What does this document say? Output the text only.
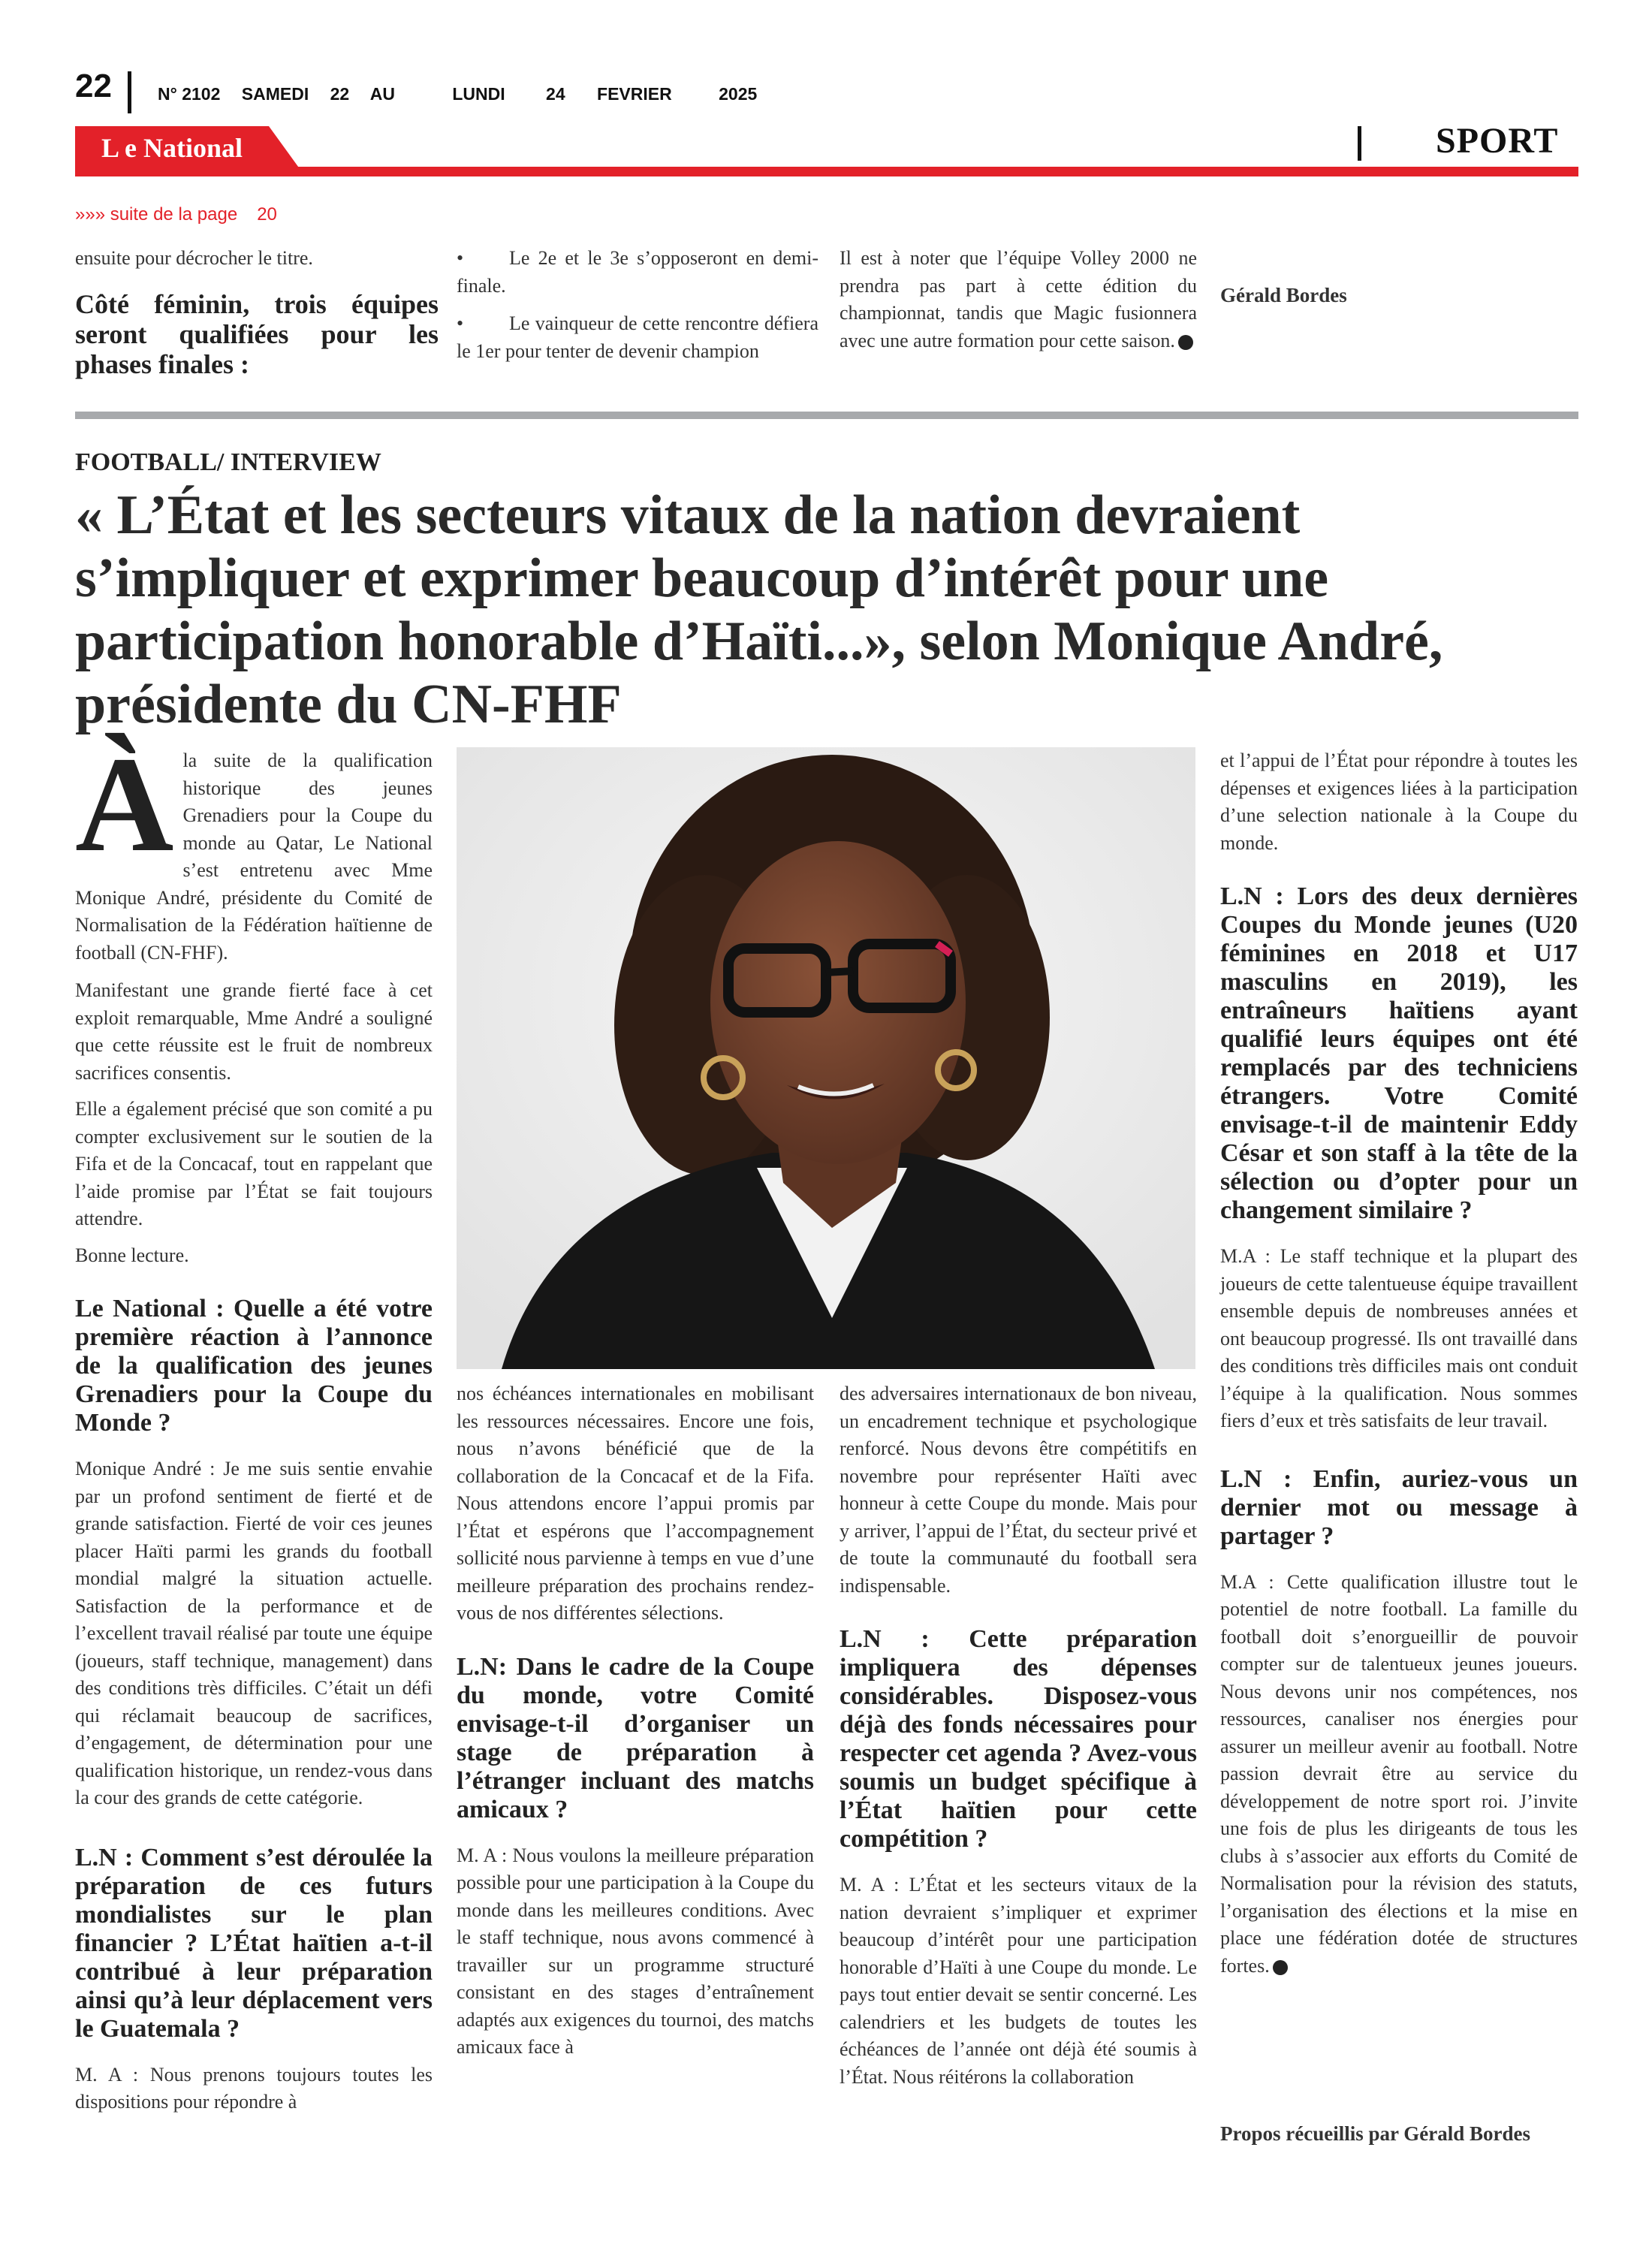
22	N° 2102 SAMEDI 22 AU	LUNDI 24 FEVRIER	2025
L e National	SPORT
»»» suite de la page 20

ensuite pour décrocher le titre.

Côté féminin, trois équipes seront qualifiées pour les phases finales :

• Le 2e et le 3e s’opposeront en demi-finale.

• Le vainqueur de cette rencontre défiera le 1er pour tenter de devenir champion

Il est à noter que l’équipe Volley 2000 ne prendra pas part à cette édition du championnat, tandis que Magic fusionnera avec une autre formation pour cette saison.

Gérald Bordes
FOOTBALL/ INTERVIEW
« L’État et les secteurs vitaux de la nation devraient s’impliquer et exprimer beaucoup d’intérêt pour une participation honorable d’Haïti...», selon Monique André, présidente du CN-FHF

Àla suite de la qualification historique des jeunes Grenadiers pour la Coupe du monde au Qatar, Le National s’est entretenu avec Mme Monique André, présidente du Comité de Normalisation de la Fédération haïtienne de football (CN-FHF).

Manifestant une grande fierté face à cet exploit remarquable, Mme André a souligné que cette réussite est le fruit de nombreux sacrifices consentis.

Elle a également précisé que son comité a pu compter exclusivement sur le soutien de la Fifa et de la Concacaf, tout en rappelant que l’aide promise par l’État se fait toujours attendre.

Bonne lecture.

Le National : Quelle a été votre première réaction à l’annonce de la qualification des jeunes Grenadiers pour la Coupe du Monde ?

Monique André : Je me suis sentie envahie par un profond sentiment de fierté et de grande satisfaction. Fierté de voir ces jeunes placer Haïti parmi les grands du football mondial malgré la situation actuelle. Satisfaction de la performance et de l’excellent travail réalisé par toute une équipe (joueurs, staff technique, management) dans des conditions très difficiles. C’était un défi qui réclamait beaucoup de sacrifices, d’engagement, de détermination pour une qualification historique, un rendez-vous dans la cour des grands de cette catégorie.

L.N : Comment s’est déroulée la préparation de ces futurs mondialistes sur le plan financier ? L’État haïtien a-t-il contribué à leur préparation ainsi qu’à leur déplacement vers le Guatemala ?

M. A : Nous prenons toujours toutes les dispositions pour répondre à

nos échéances internationales en mobilisant les ressources nécessaires. Encore une fois, nous n’avons bénéficié que de la collaboration de la Concacaf et de la Fifa. Nous attendons encore l’appui promis par l’État et espérons que l’accompagnement sollicité nous parvienne à temps en vue d’une meilleure préparation des prochains rendez-vous de nos différentes sélections.

L.N: Dans le cadre de la Coupe du monde, votre Comité envisage-t-il d’organiser un stage de préparation à l’étranger incluant des matchs amicaux ?

M. A : Nous voulons la meilleure préparation possible pour une participation à la Coupe du monde dans les meilleures conditions. Avec le staff technique, nous avons commencé à travailler sur un programme structuré consistant en des stages d’entraînement adaptés aux exigences du tournoi, des matchs amicaux face à

des adversaires internationaux de bon niveau, un encadrement technique et psychologique renforcé. Nous devons être compétitifs en novembre pour représenter Haïti avec honneur à cette Coupe du monde. Mais pour y arriver, l’appui de l’État, du secteur privé et de toute la communauté du football sera indispensable.

L.N : Cette préparation impliquera des dépenses considérables. Disposez-vous déjà des fonds nécessaires pour respecter cet agenda ? Avez-vous soumis un budget spécifique à l’État haïtien pour cette compétition ?

M. A : L’État et les secteurs vitaux de la nation devraient s’impliquer et exprimer beaucoup d’intérêt pour une participation honorable d’Haïti à une Coupe du monde. Le pays tout entier devait se sentir concerné. Les calendriers et les budgets de toutes les échéances de l’année ont déjà été soumis à l’État. Nous réitérons la collaboration

et l’appui de l’État pour répondre à toutes les dépenses et exigences liées à la participation d’une selection nationale à la Coupe du monde.

L.N : Lors des deux dernières Coupes du Monde jeunes (U20 féminines en 2018 et U17 masculins en 2019), les entraîneurs haïtiens ayant qualifié leurs équipes ont été remplacés par des techniciens étrangers. Votre Comité envisage-t-il de maintenir Eddy César et son staff à la tête de la sélection ou d’opter pour un changement similaire ?

M.A : Le staff technique et la plupart des joueurs de cette talentueuse équipe travaillent ensemble depuis de nombreuses années et ont beaucoup progressé. Ils ont travaillé dans des conditions très difficiles mais ont conduit l’équipe à la qualification. Nous sommes fiers d’eux et très satisfaits de leur travail.

L.N : Enfin, auriez-vous un dernier mot ou message à partager ?

M.A : Cette qualification illustre tout le potentiel de notre football. La famille du football doit s’enorgueillir de pouvoir compter sur de talentueux jeunes joueurs. Nous devons unir nos compétences, nos ressources, canaliser nos énergies pour assurer un meilleur avenir au football. Notre passion devrait être au service du développement de notre sport roi. J’invite une fois de plus les dirigeants de tous les clubs à s’associer aux efforts du Comité de Normalisation pour la révision des statuts, l’organisation des élections et la mise en place une fédération dotée de structures fortes.

Propos récueillis par Gérald Bordes
